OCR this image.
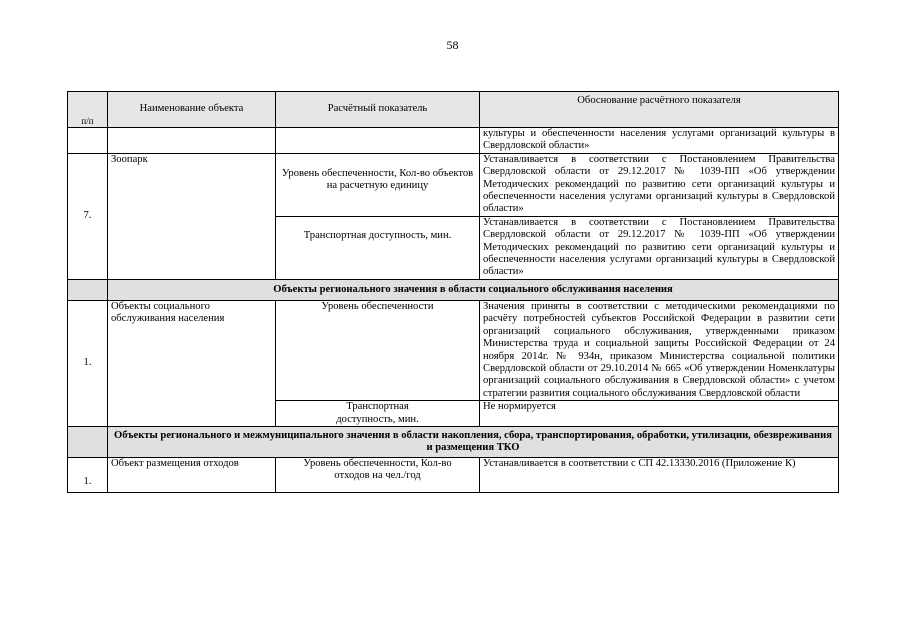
58
п/п	Наименование объекта	Расчётный показатель	Обоснование расчётного показателя
			культуры и обеспеченности населения услугами организаций культуры в Свердловской области»
7.	Зоопарк	Уровень обеспеченности, Кол-во объектов на расчетную единицу	Устанавливается в соответствии с Постановлением Правительства Свердловской области от 29.12.2017 № 1039-ПП «Об утверждении Методических рекомендаций по развитию сети организаций культуры и обеспеченности населения услугами организаций культуры в Свердловской области»
		Транспортная доступность, мин.	Устанавливается в соответствии с Постановлением Правительства Свердловской области от 29.12.2017 № 1039-ПП «Об утверждении Методических рекомендаций по развитию сети организаций культуры и обеспеченности населения услугами организаций культуры в Свердловской области»
	Объекты регионального значения в области социального обслуживания населения		
1.	Объекты социального обслуживания населения	Уровень обеспеченности	Значения приняты в соответствии с методическими рекомендациями по расчёту потребностей субъектов Российской Федерации в развитии сети организаций социального обслуживания, утвержденными приказом Министерства труда и социальной защиты Российской Федерации от 24 ноября 2014г. № 934н, приказом Министерства социальной политики Свердловской области от 29.10.2014 № 665 «Об утверждении Номенклатуры организаций социального обслуживания в Свердловской области» с учетом стратегии развития социального обслуживания Свердловской области
		Транспортная доступность, мин.	Не нормируется
	Объекты регионального и межмуниципального значения в области накопления, сбора, транспортирования, обработки, утилизации, обезвреживания и размещения ТКО		
1.	Объект размещения отходов	Уровень обеспеченности, Кол-во отходов на чел./год	Устанавливается в соответствии с СП 42.13330.2016 (Приложение К)
